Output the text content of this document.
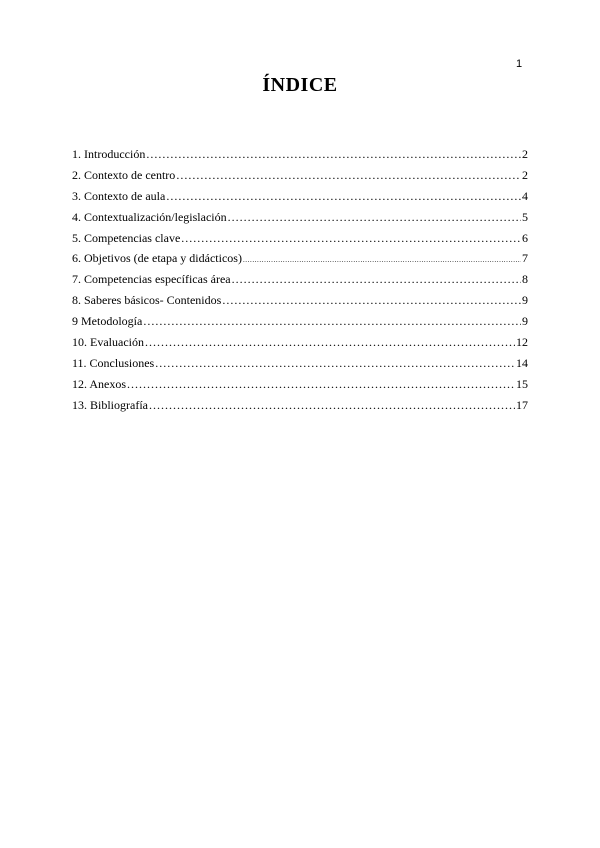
1
ÍNDICE
1. Introducción .....	2
2. Contexto de centro .....	2
3. Contexto de aula .....	4
4. Contextualización/legislación .....	5
5. Competencias clave .....	6
6. Objetivos (de etapa y didácticos) .....	7
7. Competencias específicas área .....	8
8. Saberes básicos- Contenidos .....	9
9 Metodología .....	9
10. Evaluación .....	12
11. Conclusiones .....	14
12. Anexos .....	15
13. Bibliografía .....	17
